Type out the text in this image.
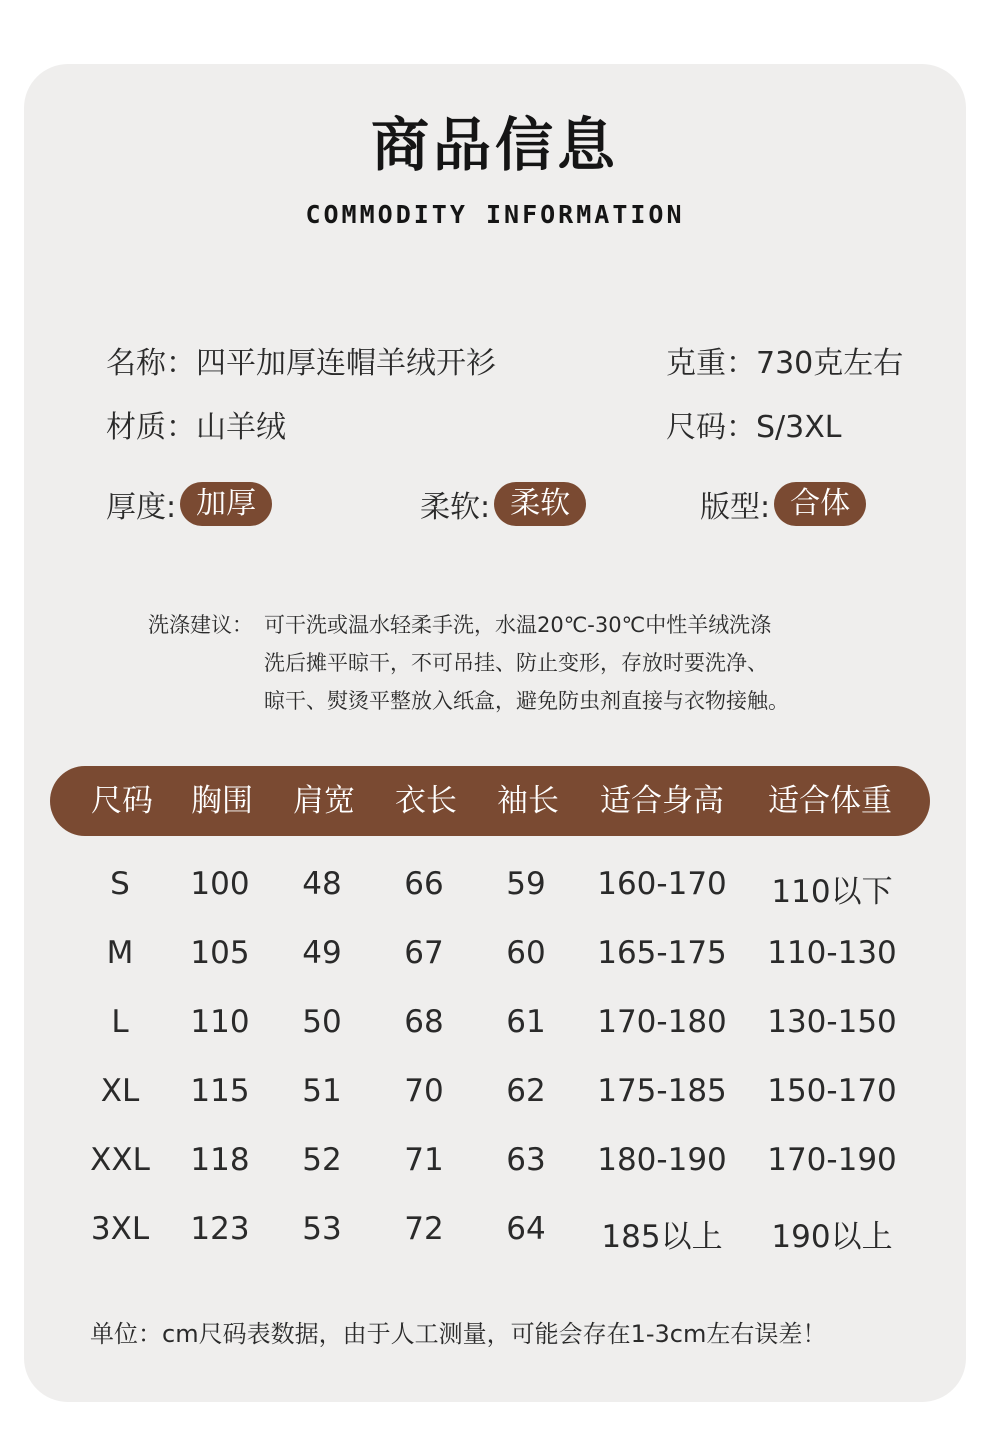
商品信息
COMMODITY INFORMATION
名称：四平加厚连帽羊绒开衫	克重：730克左右
材质：山羊绒	尺码：S/3XL
厚度: 加厚	柔软: 柔软	版型: 合体
洗涤建议： 可干洗或温水轻柔手洗，水温20℃-30℃中性羊绒洗涤
洗后摊平晾干，不可吊挂、防止变形，存放时要洗净、
晾干、熨烫平整放入纸盒，避免防虫剂直接与衣物接触。
尺码	胸围	肩宽	衣长	袖长	适合身高	适合体重
S	100	48	66	59	160-170	110以下
M	105	49	67	60	165-175	110-130
L	110	50	68	61	170-180	130-150
XL	115	51	70	62	175-185	150-170
XXL	118	52	71	63	180-190	170-190
3XL	123	53	72	64	185以上	190以上
单位：cm尺码表数据，由于人工测量，可能会存在1-3cm左右误差！
